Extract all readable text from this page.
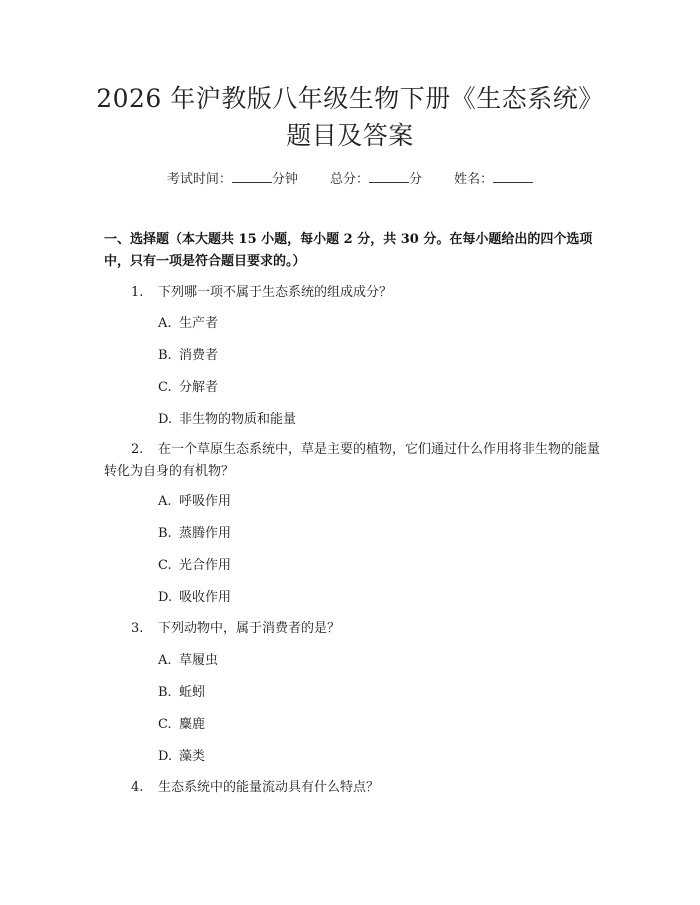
2026 年沪教版八年级生物下册《生态系统》
题目及答案
考试时间：	分钟 总分：	分 姓名：
一、选择题（本大题共 15 小题，每小题 2 分，共 30 分。在每小题给出的四个选项中，只有一项是符合题目要求的。）
1. 下列哪一项不属于生态系统的组成成分？
A. 生产者
B. 消费者
C. 分解者
D. 非生物的物质和能量
2. 在一个草原生态系统中，草是主要的植物，它们通过什么作用将非生物的能量转化为自身的有机物？
A. 呼吸作用
B. 蒸腾作用
C. 光合作用
D. 吸收作用
3. 下列动物中，属于消费者的是？
A. 草履虫
B. 蚯蚓
C. 麋鹿
D. 藻类
4. 生态系统中的能量流动具有什么特点？
